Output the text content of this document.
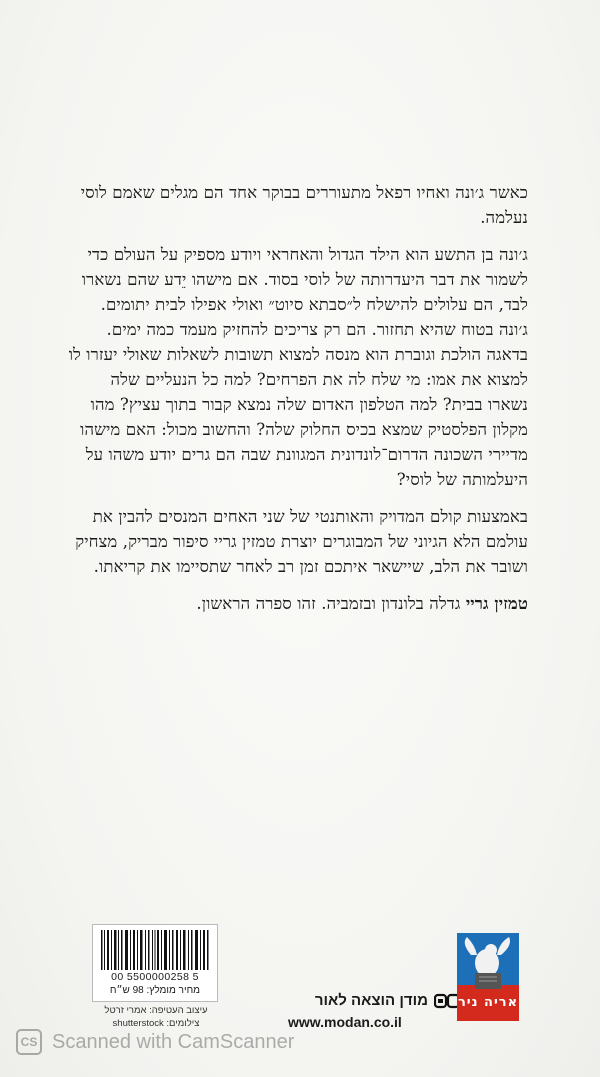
כאשר ג׳ונה ואחיו רפאל מתעוררים בבוקר אחד הם מגלים שאמם לוסי נעלמה.

ג׳ונה בן התשע הוא הילד הגדול והאחראי ויודע מספיק על העולם כדי לשמור את דבר היעדרותה של לוסי בסוד. אם מישהו יֵדע שהם נשארו לבד, הם עלולים להישלח ל״סבתא סיוט״ ואולי אפילו לבית יתומים. ג׳ונה בטוח שהיא תחזור. הם רק צריכים להחזיק מעמד כמה ימים. בדאגה הולכת וגוברת הוא מנסה למצוא תשובות לשאלות שאולי יעזרו לו למצוא את אמו: מי שלח לה את הפרחים? למה כל הנעליים שלה נשארו בבית? למה הטלפון האדום שלה נמצא קבור בתוך עציץ? מהו מקלון הפלסטיק שמצא בכיס החלוק שלה? והחשוב מכול: האם מישהו מדיירי השכונה הדרום־לונדונית המגוונת שבה הם גרים יודע משהו על היעלמותה של לוסי?

באמצעות קולם המדויק והאותנטי של שני האחים המנסים להבין את עולמם הלא הגיוני של המבוגרים יוצרת טמזין גריי סיפור מבריק, מצחיק ושובר את הלב, שיישאר איתכם זמן רב לאחר שתסיימו את קריאתו.

טמזין גריי גדלה בלונדון ובזמביה. זהו ספרה הראשון.

00 5500000258 5
מחיר מומלץ: 98 ש״ח
עיצוב העטיפה: אמרי זרטל
צילומים: shutterstock
מודן הוצאה לאור
www.modan.co.il
אריה ניר
CS Scanned with CamScanner
